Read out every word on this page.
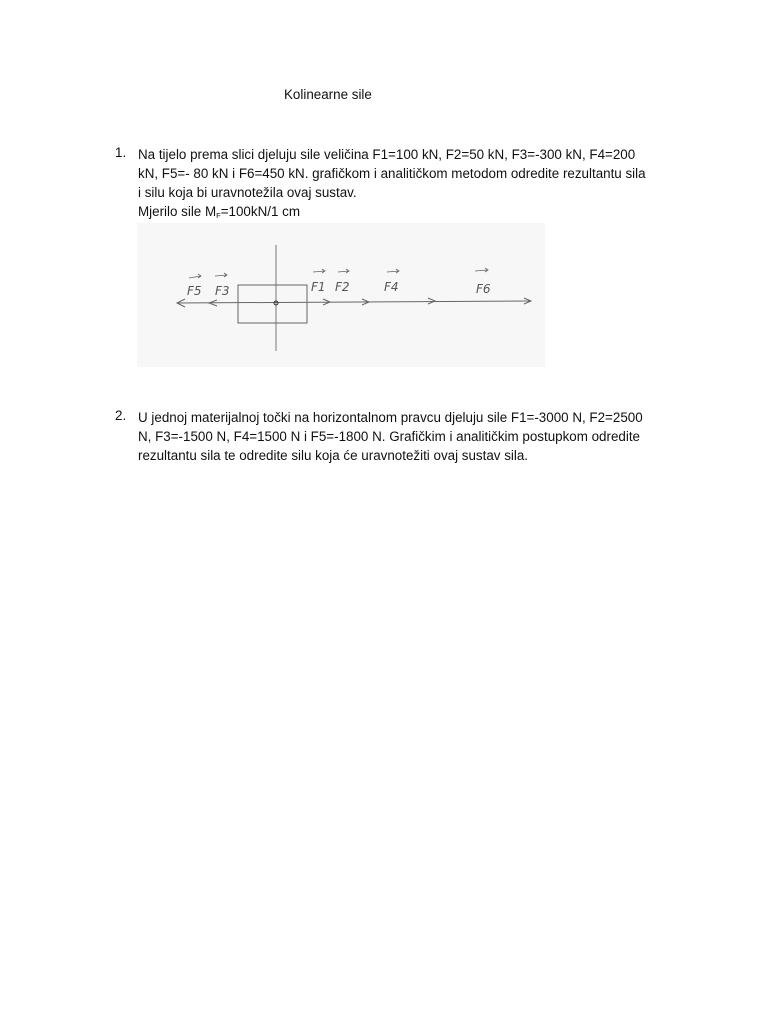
Kolinearne sile
1. Na tijelo prema slici djeluju sile veličina F1=100 kN, F2=50 kN, F3=-300 kN, F4=200
kN, F5=- 80 kN i F6=450 kN. grafičkom i analitičkom metodom odredite rezultantu sila
i silu koja bi uravnotežila ovaj sustav.
Mjerilo sile MF=100kN/1 cm
F5 F3	F1 F2	F4	F6
2. U jednoj materijalnoj točki na horizontalnom pravcu djeluju sile F1=-3000 N, F2=2500
N, F3=-1500 N, F4=1500 N i F5=-1800 N. Grafičkim i analitičkim postupkom odredite
rezultantu sila te odredite silu koja će uravnotežiti ovaj sustav sila.
